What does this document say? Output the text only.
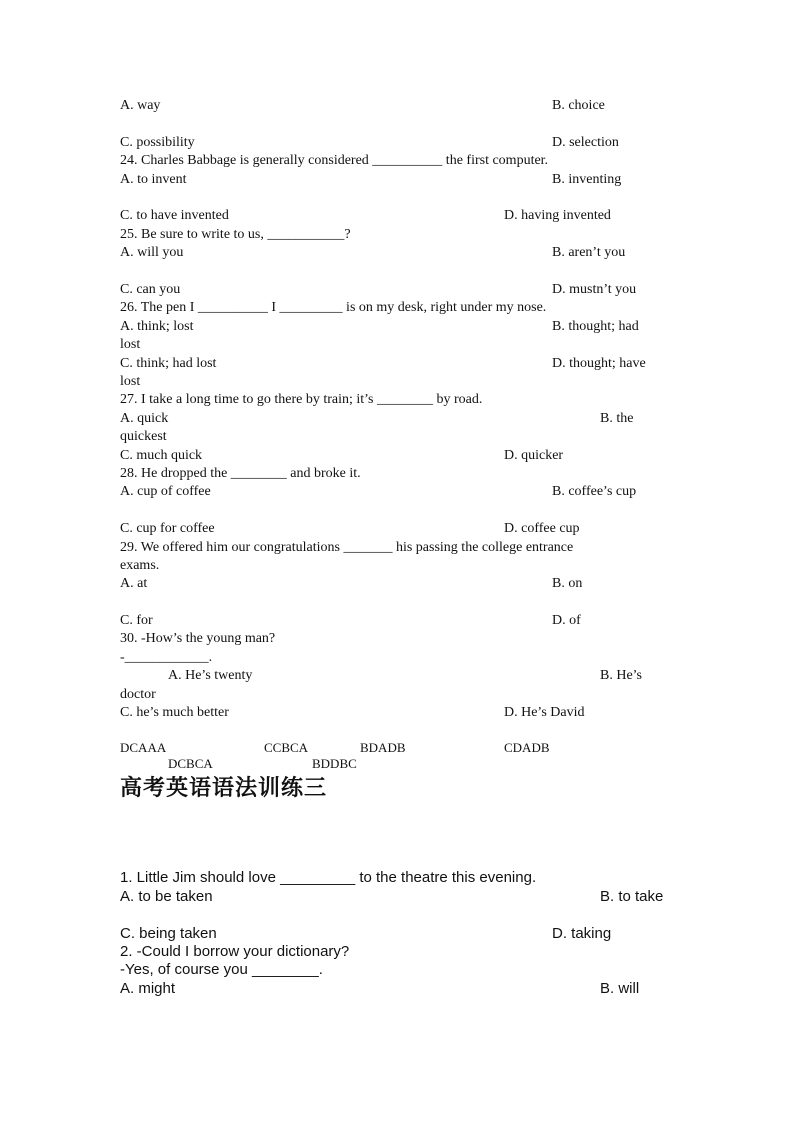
A. way	B. choice
C. possibility	D. selection
24. Charles Babbage is generally considered __________ the first computer.
A. to invent	B. inventing
C. to have invented	D. having invented
25. Be sure to write to us, ___________?
A. will you	B. aren’t you
C. can you	D. mustn’t you
26. The pen I __________ I _________ is on my desk, right under my nose.
A. think; lost	B. thought; had
lost
C. think; had lost	D. thought; have
lost
27. I take a long time to go there by train; it’s ________ by road.
A. quick	B. the
quickest
C. much quick	D. quicker
28. He dropped the ________ and broke it.
A. cup of coffee	B. coffee’s cup
C. cup for coffee	D. coffee cup
29. We offered him our congratulations _______ his passing the college entrance
exams.
A. at	B. on
C. for	D. of
30. -How’s the young man?
-____________.
A. He’s twenty	B. He’s
doctor
C. he’s much better	D. He’s David
DCAAA	CCBCA	BDADB	CDADB
DCBCA	BDDBC
高考英语语法训练三
1. Little Jim should love _________ to the theatre this evening.
A. to be taken	B. to take
C. being taken	D. taking
2. -Could I borrow your dictionary?
-Yes, of course you ________.
A. might	B. will
